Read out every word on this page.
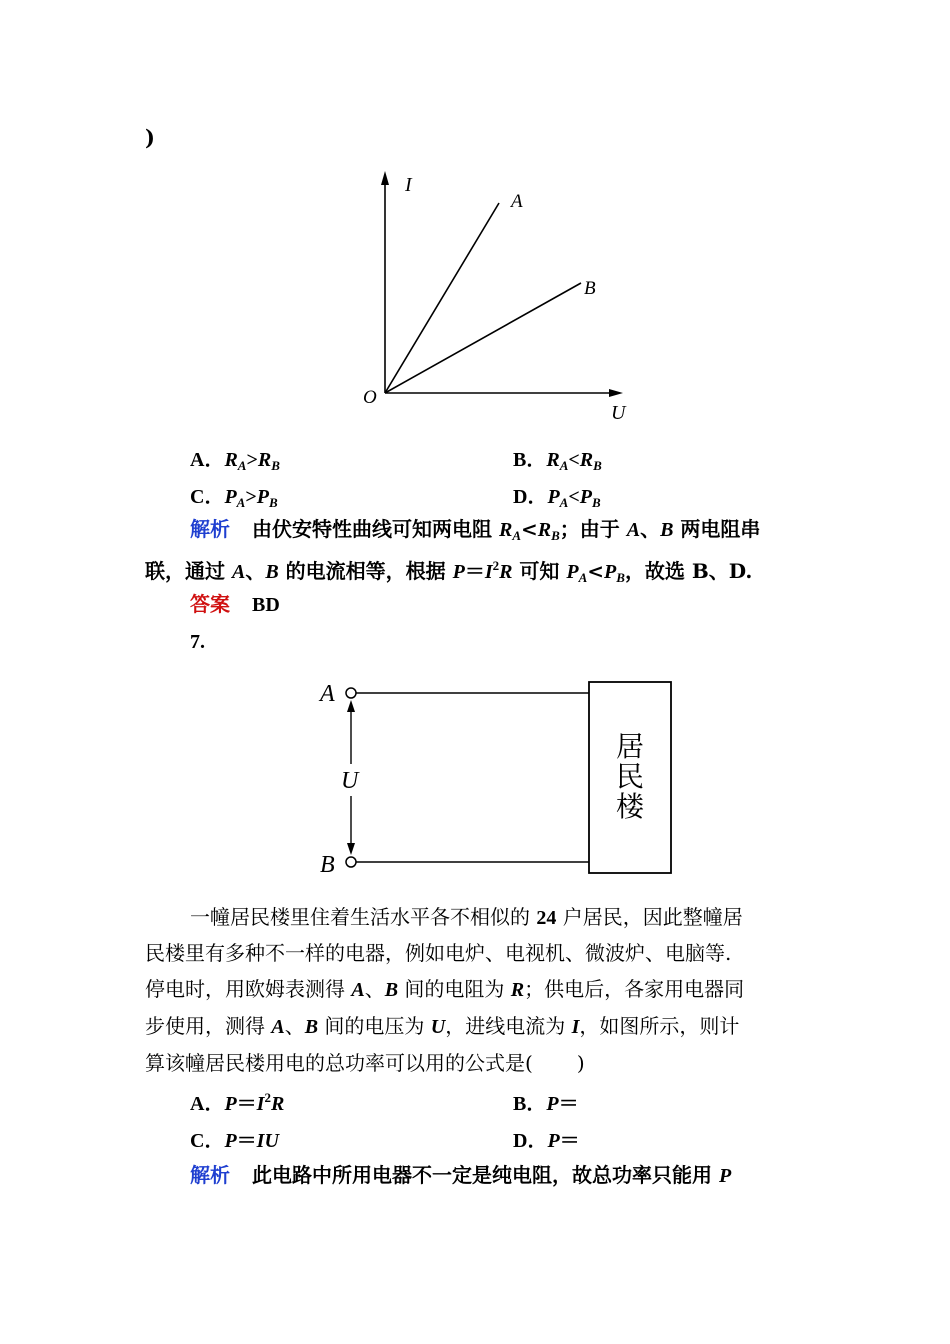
)
I
A
B
O
U
A．$R_A>R_B$	B．$R_A<R_B$
C．$P_A>P_B$	D．$P_A<P_B$
解析 由伏安特性曲线可知两电阻 $R_A<R_B$；由于 A、B 两电阻串
联，通过 A、B 的电流相等，根据 $P=I^2R$ 可知 $P_A<P_B$，故选 B、D.
答案 BD
7.
A
B
U
居
民
楼
一幢居民楼里住着生活水平各不相似的 24 户居民，因此整幢居
民楼里有多种不一样的电器，例如电炉、电视机、微波炉、电脑等.
停电时，用欧姆表测得 A、B 间的电阻为 R；供电后，各家用电器同
步使用，测得 A、B 间的电压为 U，进线电流为 I，如图所示，则计
算该幢居民楼用电的总功率可以用的公式是( )
A．$P=I^2R$	B．P＝
C．P＝IU	D．P＝
解析 此电路中所用电器不一定是纯电阻，故总功率只能用 P
